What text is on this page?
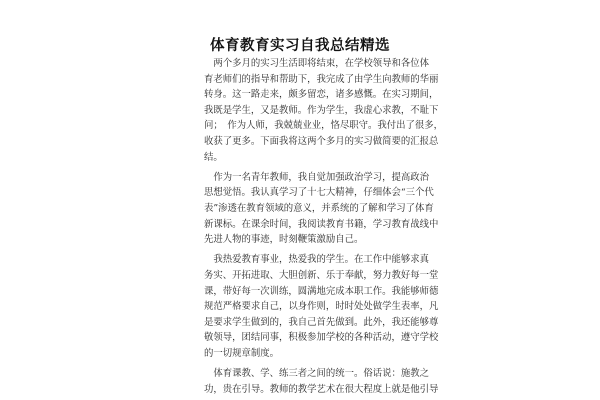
体育教育实习自我总结精选
　两个多月的实习生活即将结束，在学校领导和各位体
育老师们的指导和帮助下，我完成了由学生向教师的华丽
转身。这一路走来，颇多留恋，诸多感慨。在实习期间，
我既是学生，又是教师。作为学生，我虚心求教，不耻下
问；　作为人师，我兢兢业业，恪尽职守。我付出了很多，
收获了更多。下面我将这两个多月的实习做简要的汇报总
结。
　作为一名青年教师，我自觉加强政治学习，提高政治
思想觉悟。我认真学习了十七大精神，仔细体会“三个代
表”渗透在教育领域的意义，并系统的了解和学习了体育
新课标。在课余时间，我阅读教育书籍，学习教育战线中
先进人物的事迹，时刻鞭策激励自己。
　我热爱教育事业，热爱我的学生。在工作中能够求真
务实、开拓进取、大胆创新、乐于奉献，努力教好每一堂
课，带好每一次训练，圆满地完成本职工作。我能够师德
规范严格要求自己，以身作则，时时处处做学生表率，凡
是要求学生做到的，我自己首先做到。此外，我还能够尊
敬领导，团结同事，积极参加学校的各种活动，遵守学校
的一切规章制度。
　体育课教、学、练三者之间的统一。俗话说：施教之
功，贵在引导。教师的教学艺术在很大程度上就是他引导
